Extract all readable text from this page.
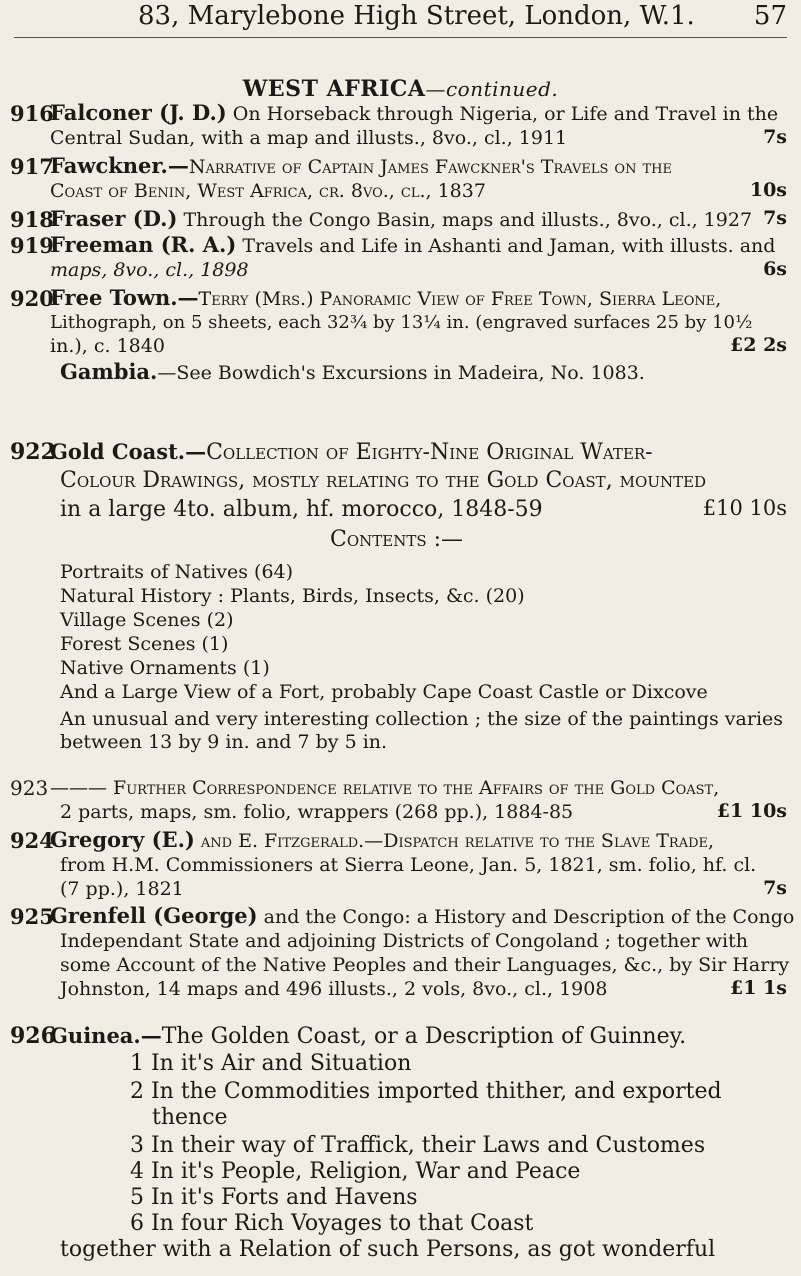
83, Marylebone High Street, London, W.1. 57
WEST AFRICA—continued.
916
Falconer (J. D.) On Horseback through Nigeria, or Life and Travel in the
Central Sudan, with a map and illusts., 8vo., cl., 1911	7s
917
Fawckner.—Narrative of Captain James Fawckner's Travels on the
Coast of Benin, West Africa, cr. 8vo., cl., 1837	10s
918
Fraser (D.) Through the Congo Basin, maps and illusts., 8vo., cl., 1927 7s
919
Freeman (R. A.) Travels and Life in Ashanti and Jaman, with illusts. and
maps, 8vo., cl., 1898	6s
920
Free Town.—Terry (Mrs.) Panoramic View of Free Town, Sierra Leone,
Lithograph, on 5 sheets, each 32¾ by 13¼ in. (engraved surfaces 25 by 10½
in.), c. 1840	£2 2s
Gambia.—See Bowdich's Excursions in Madeira, No. 1083.
922
Gold Coast.—Collection of Eighty-Nine Original Water-
Colour Drawings, mostly relating to the Gold Coast, mounted
in a large 4to. album, hf. morocco, 1848-59	£10 10s
Contents :—
Portraits of Natives (64)
Natural History : Plants, Birds, Insects, &c. (20)
Village Scenes (2)
Forest Scenes (1)
Native Ornaments (1)
And a Large View of a Fort, probably Cape Coast Castle or Dixcove
An unusual and very interesting collection ; the size of the paintings varies
between 13 by 9 in. and 7 by 5 in.
923 ——— Further Correspondence relative to the Affairs of the Gold Coast,
2 parts, maps, sm. folio, wrappers (268 pp.), 1884-85	£1 10s
924
Gregory (E.) and E. Fitzgerald.—Dispatch relative to the Slave Trade,
from H.M. Commissioners at Sierra Leone, Jan. 5, 1821, sm. folio, hf. cl.
(7 pp.), 1821	7s
925
Grenfell (George) and the Congo: a History and Description of the Congo
Independant State and adjoining Districts of Congoland ; together with
some Account of the Native Peoples and their Languages, &c., by Sir Harry
Johnston, 14 maps and 496 illusts., 2 vols, 8vo., cl., 1908	£1 1s
926
Guinea.—The Golden Coast, or a Description of Guinney.
1 In it's Air and Situation
2 In the Commodities imported thither, and exported
thence
3 In their way of Traffick, their Laws and Customes
4 In it's People, Religion, War and Peace
5 In it's Forts and Havens
6 In four Rich Voyages to that Coast
together with a Relation of such Persons, as got wonderful
